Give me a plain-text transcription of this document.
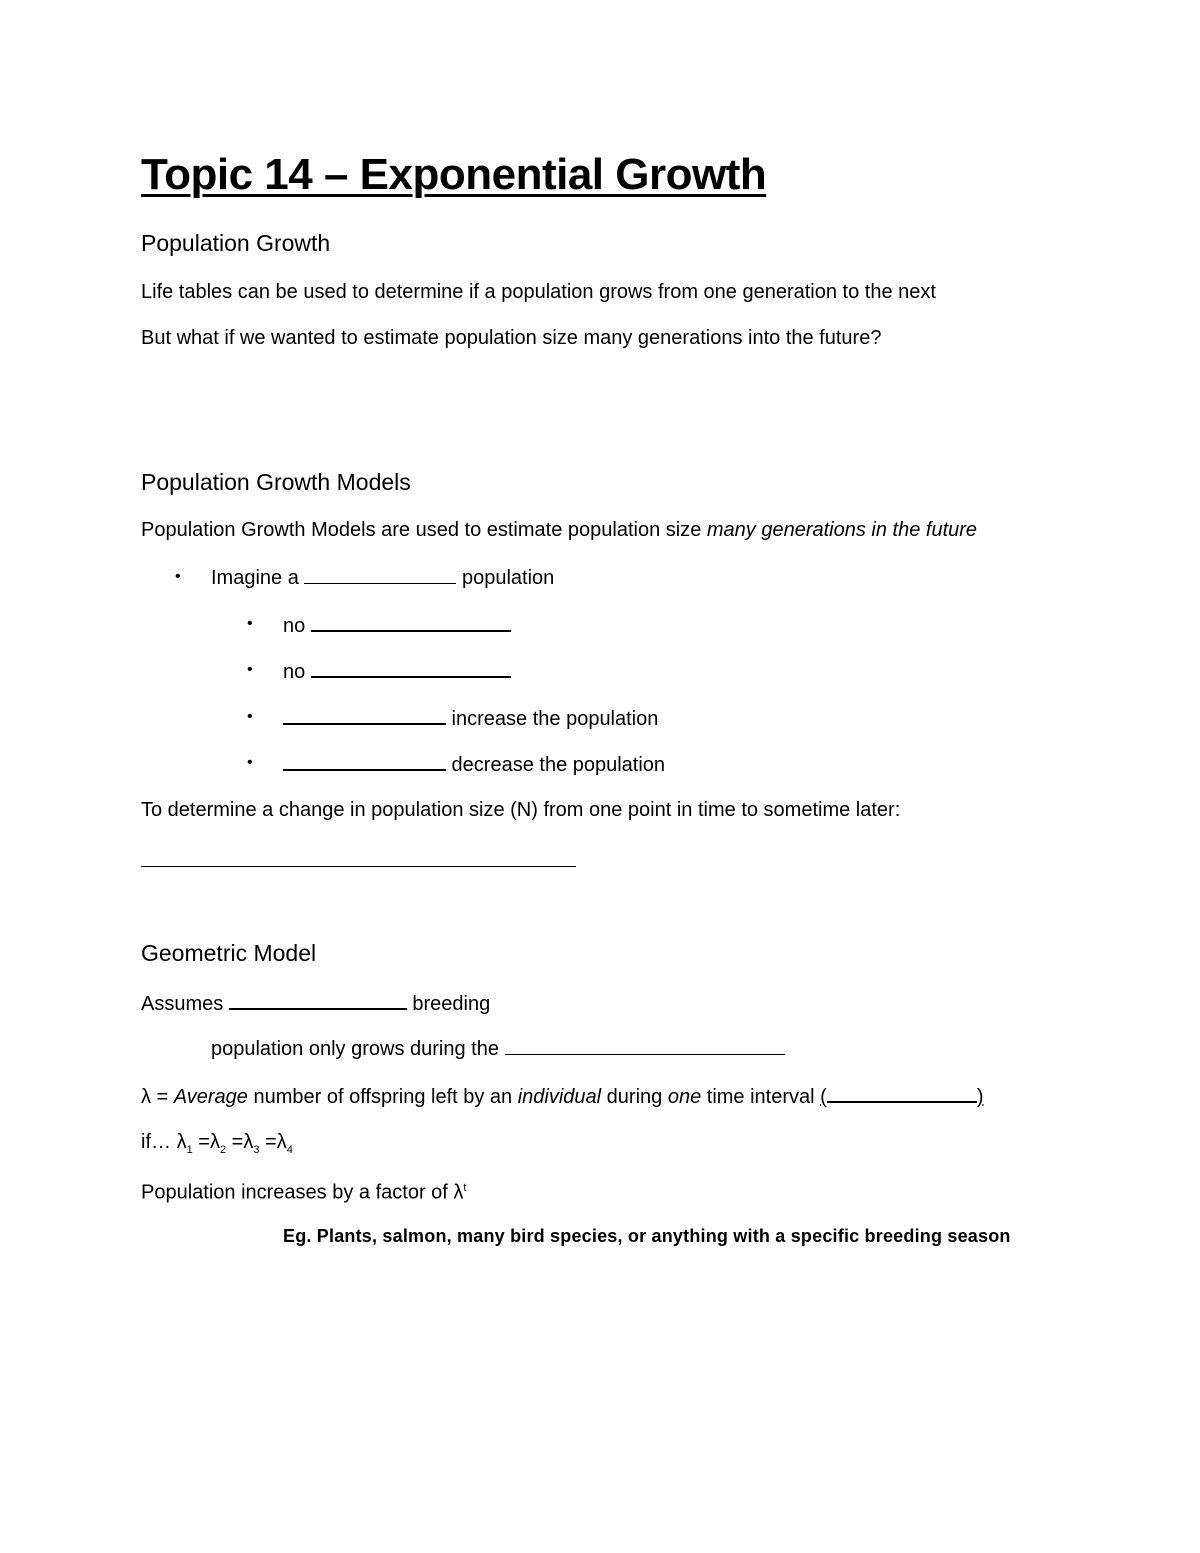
Topic 14 – Exponential Growth
Population Growth
Life tables can be used to determine if a population grows from one generation to the next
But what if we wanted to estimate population size many generations into the future?
Population Growth Models
Population Growth Models are used to estimate population size many generations in the future
• Imagine a	population
• no
• no
•	increase the population
•	decrease the population
To determine a change in population size (N) from one point in time to sometime later:
Geometric Model
Assumes	breeding
population only grows during the
λ = Average number of offspring left by an individual during one time interval (	)
if… $\lambda_1 =\lambda_2 =\lambda_3 =\lambda_4$
Population increases by a factor of $\lambda^t$
Eg. Plants, salmon, many bird species, or anything with a specific breeding season
